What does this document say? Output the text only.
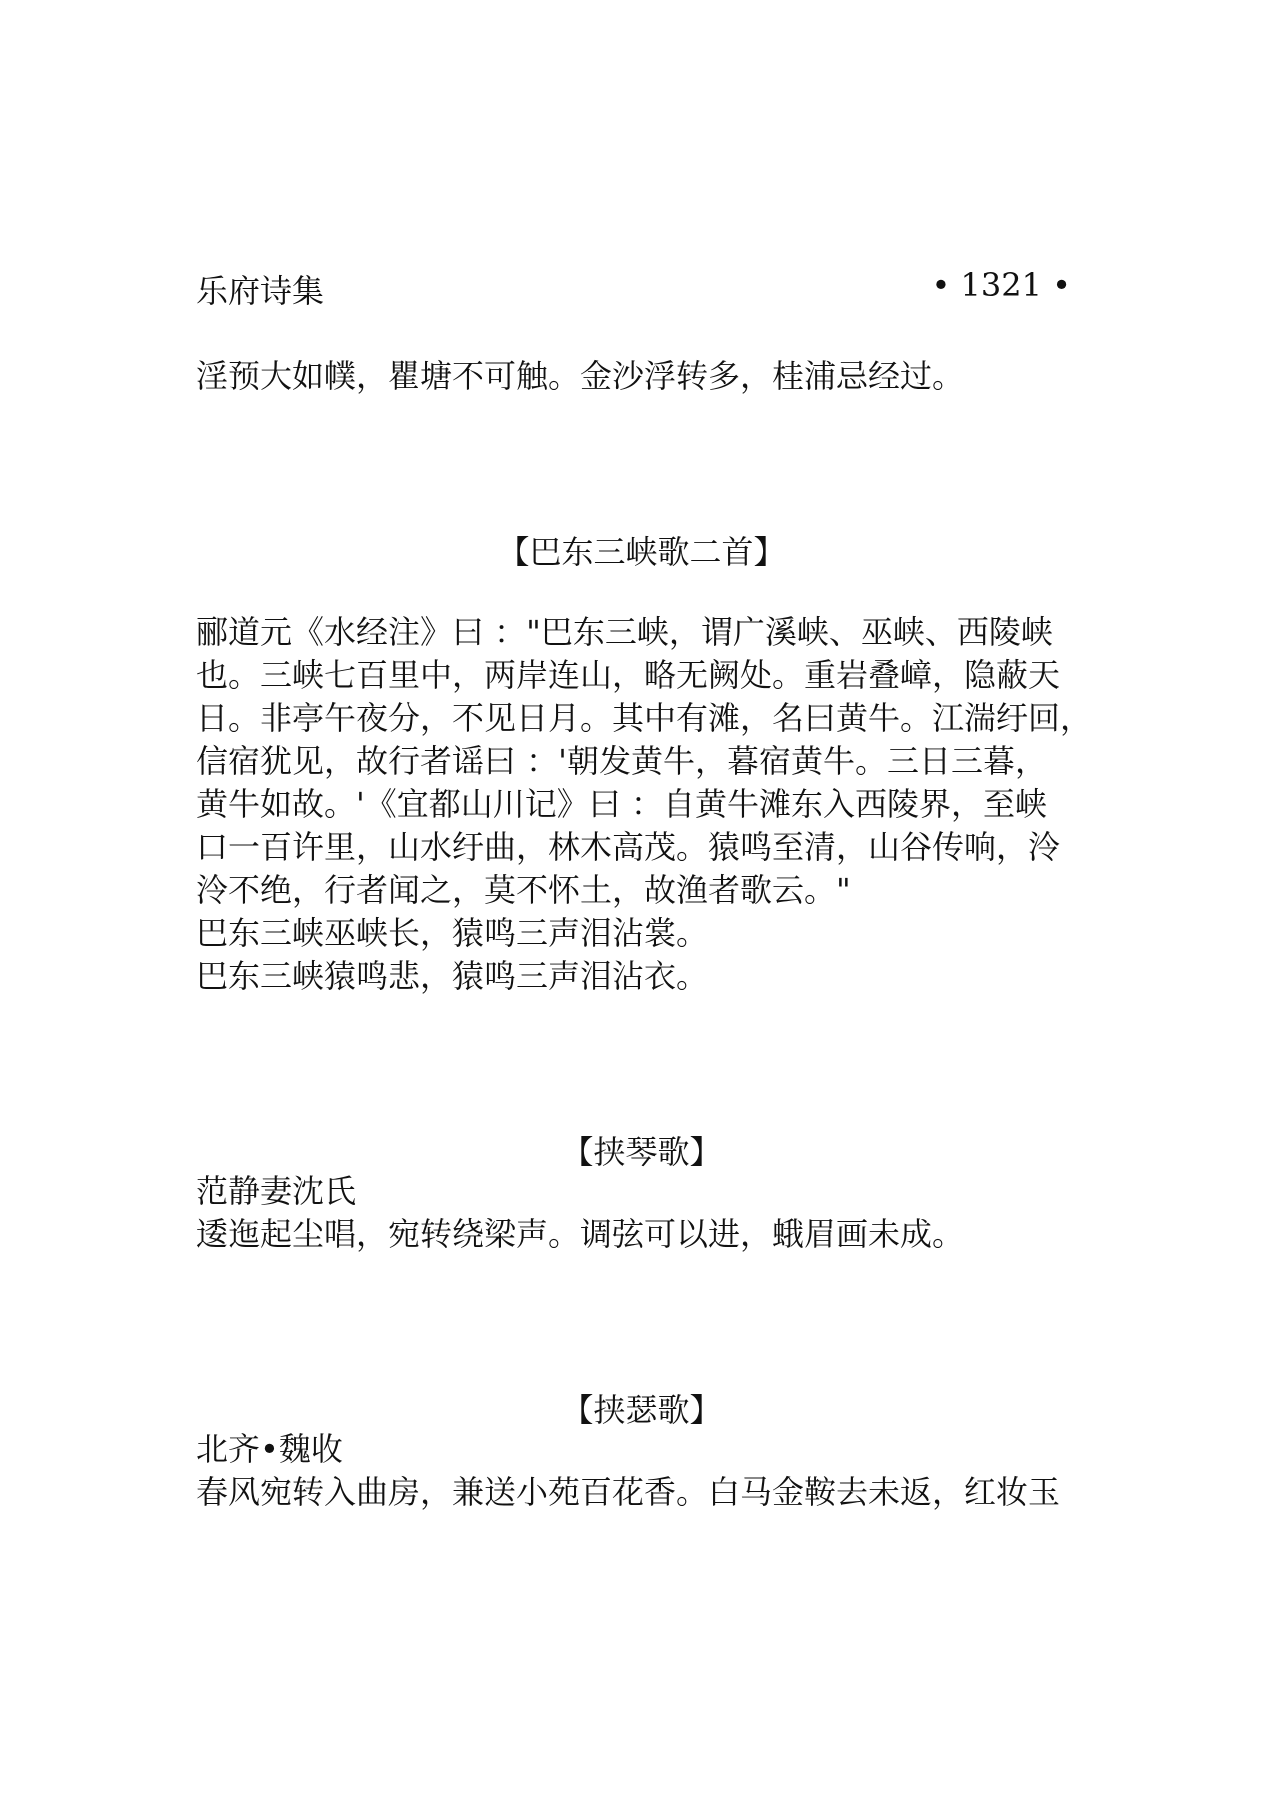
乐府诗集	• 1321 •
淫预大如幞，瞿塘不可触。金沙浮转多，桂浦忌经过。
【巴东三峡歌二首】
郦道元《水经注》曰 ："巴东三峡，谓广溪峡、巫峡、西陵峡
也。三峡七百里中，两岸连山，略无阙处。重岩叠嶂，隐蔽天
日。非亭午夜分，不见日月。其中有滩，名曰黄牛。江湍纡回，
信宿犹见，故行者谣曰 ：'朝发黄牛，暮宿黄牛。三日三暮，
黄牛如故。'《宜都山川记》曰 ：自黄牛滩东入西陵界，至峡
口一百许里，山水纡曲，林木高茂。猿鸣至清，山谷传响，泠
泠不绝，行者闻之，莫不怀土，故渔者歌云。"
巴东三峡巫峡长，猿鸣三声泪沾裳。
巴东三峡猿鸣悲，猿鸣三声泪沾衣。
【挟琴歌】
范静妻沈氏
逶迤起尘唱，宛转绕梁声。调弦可以进，蛾眉画未成。
【挟瑟歌】
北齐•魏收
春风宛转入曲房，兼送小苑百花香。白马金鞍去未返，红妆玉
